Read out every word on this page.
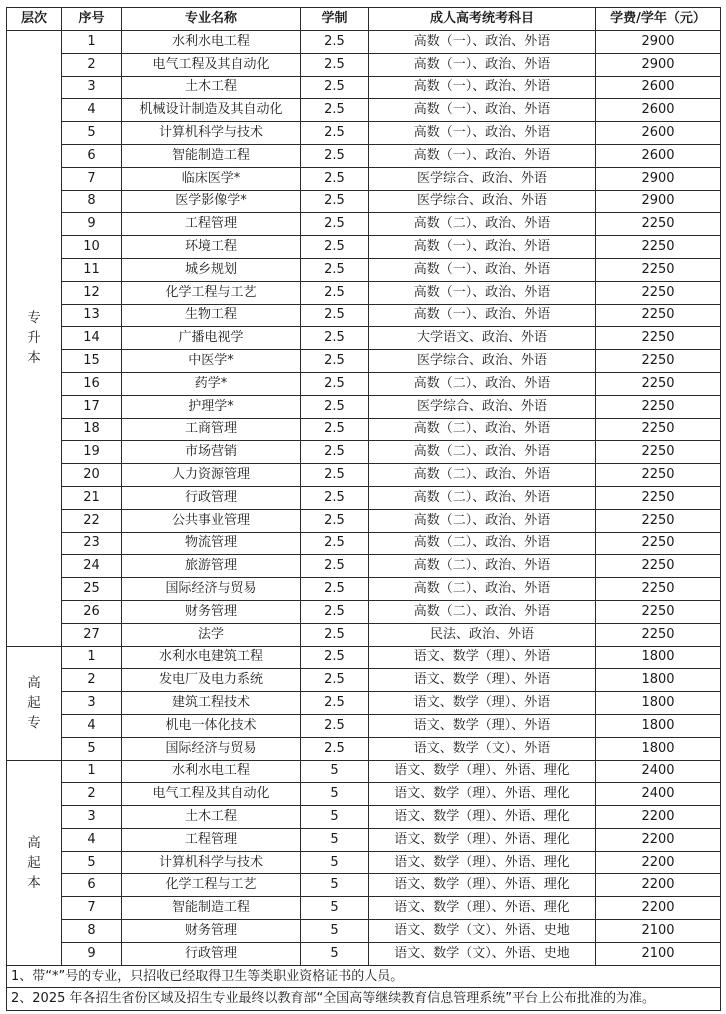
层次	序号	专业名称	学制	成人高考统考科目	学费/学年（元）

专
升
本	1	水利水电工程	2.5	高数（一）、政治、外语	2900
	2	电气工程及其自动化	2.5	高数（一）、政治、外语	2900
	3	土木工程	2.5	高数（一）、政治、外语	2600
	4	机械设计制造及其自动化	2.5	高数（一）、政治、外语	2600
	5	计算机科学与技术	2.5	高数（一）、政治、外语	2600
	6	智能制造工程	2.5	高数（一）、政治、外语	2600
	7	临床医学*	2.5	医学综合、政治、外语	2900
	8	医学影像学*	2.5	医学综合、政治、外语	2900
	9	工程管理	2.5	高数（二）、政治、外语	2250
	10	环境工程	2.5	高数（一）、政治、外语	2250
	11	城乡规划	2.5	高数（一）、政治、外语	2250
	12	化学工程与工艺	2.5	高数（一）、政治、外语	2250
	13	生物工程	2.5	高数（一）、政治、外语	2250
	14	广播电视学	2.5	大学语文、政治、外语	2250
	15	中医学*	2.5	医学综合、政治、外语	2250
	16	药学*	2.5	高数（二）、政治、外语	2250
	17	护理学*	2.5	医学综合、政治、外语	2250
	18	工商管理	2.5	高数（二）、政治、外语	2250
	19	市场营销	2.5	高数（二）、政治、外语	2250
	20	人力资源管理	2.5	高数（二）、政治、外语	2250
	21	行政管理	2.5	高数（二）、政治、外语	2250
	22	公共事业管理	2.5	高数（二）、政治、外语	2250
	23	物流管理	2.5	高数（二）、政治、外语	2250
	24	旅游管理	2.5	高数（二）、政治、外语	2250
	25	国际经济与贸易	2.5	高数（二）、政治、外语	2250
	26	财务管理	2.5	高数（二）、政治、外语	2250
	27	法学	2.5	民法、政治、外语	2250

高
起
专	1	水利水电建筑工程	2.5	语文、数学（理）、外语	1800
	2	发电厂及电力系统	2.5	语文、数学（理）、外语	1800
	3	建筑工程技术	2.5	语文、数学（理）、外语	1800
	4	机电一体化技术	2.5	语文、数学（理）、外语	1800
	5	国际经济与贸易	2.5	语文、数学（文）、外语	1800

高
起
本	1	水利水电工程	5	语文、数学（理）、外语、理化	2400
	2	电气工程及其自动化	5	语文、数学（理）、外语、理化	2400
	3	土木工程	5	语文、数学（理）、外语、理化	2200
	4	工程管理	5	语文、数学（理）、外语、理化	2200
	5	计算机科学与技术	5	语文、数学（理）、外语、理化	2200
	6	化学工程与工艺	5	语文、数学（理）、外语、理化	2200
	7	智能制造工程	5	语文、数学（理）、外语、理化	2200
	8	财务管理	5	语文、数学（文）、外语、史地	2100
	9	行政管理	5	语文、数学（文）、外语、史地	2100
1、带“*”号的专业，只招收已经取得卫生等类职业资格证书的人员。					
2、2025 年各招生省份区域及招生专业最终以教育部“全国高等继续教育信息管理系统”平台上公布批准的为准。					
